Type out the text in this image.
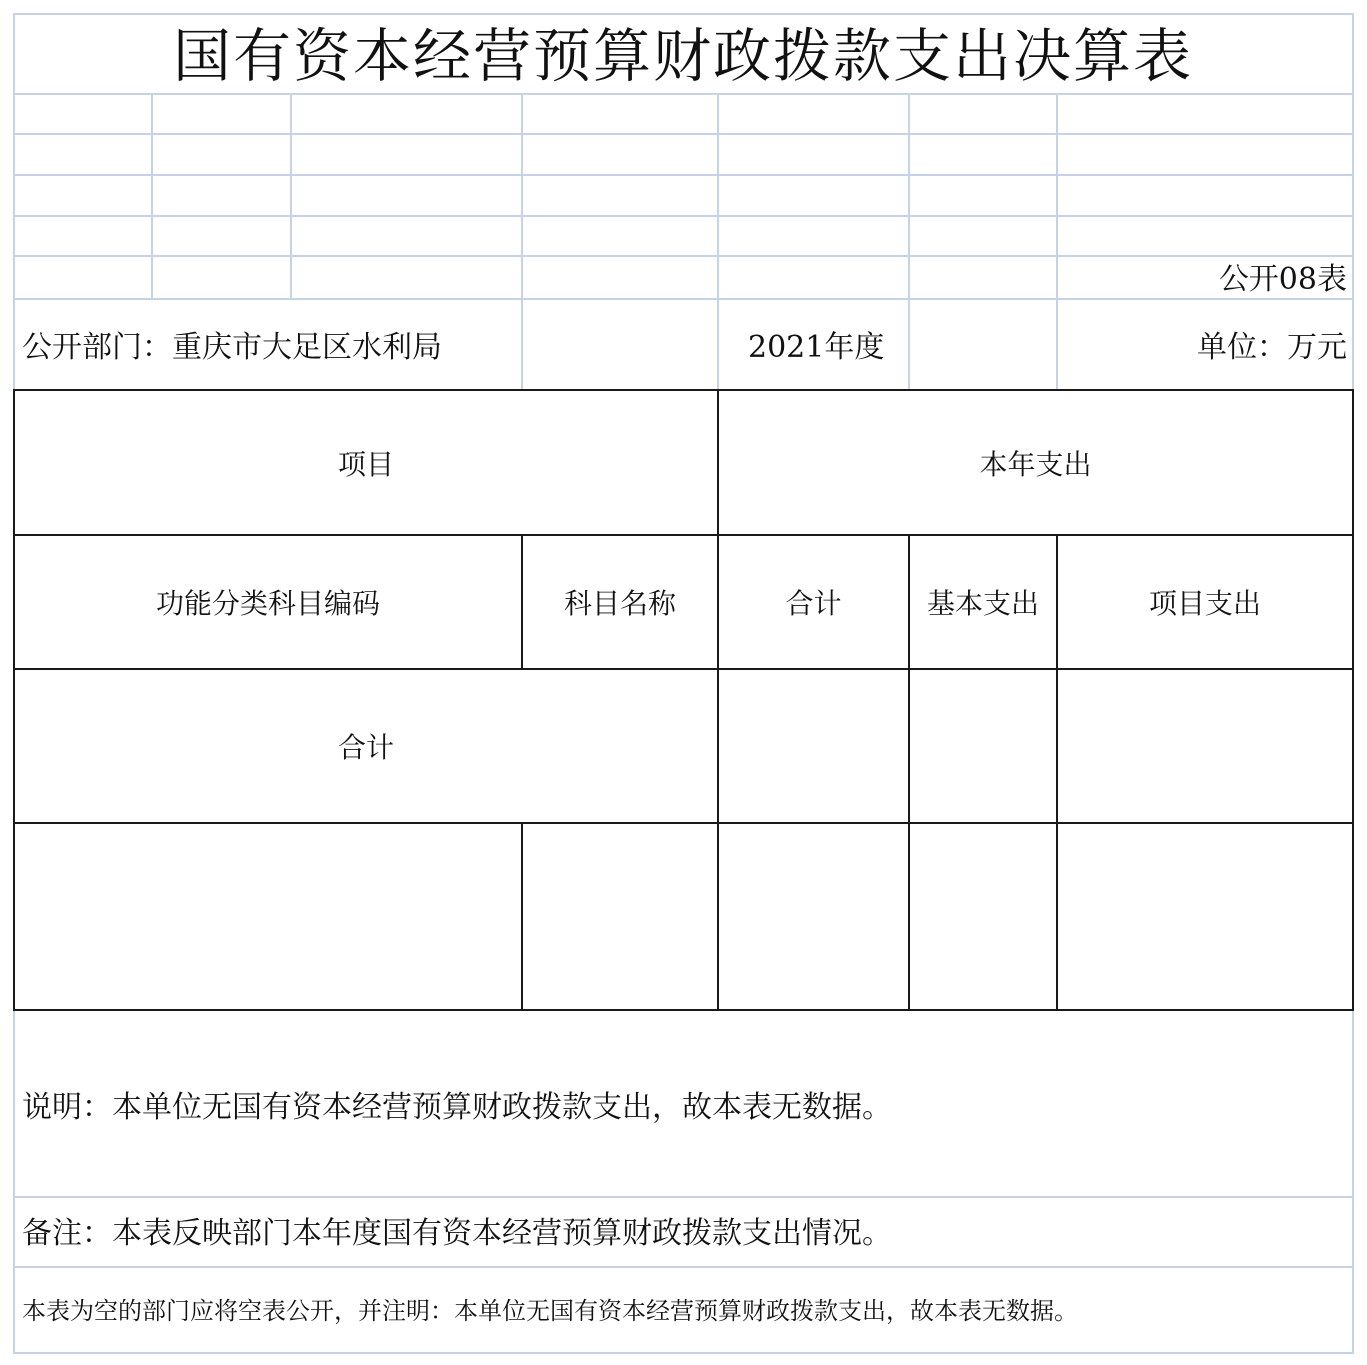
国有资本经营预算财政拨款支出决算表
公开08表
公开部门：重庆市大足区水利局	2021年度	单位：万元
项目	本年支出
功能分类科目编码	科目名称	合计	基本支出	项目支出
合计
说明：本单位无国有资本经营预算财政拨款支出，故本表无数据。
备注：本表反映部门本年度国有资本经营预算财政拨款支出情况。
本表为空的部门应将空表公开，并注明：本单位无国有资本经营预算财政拨款支出，故本表无数据。
